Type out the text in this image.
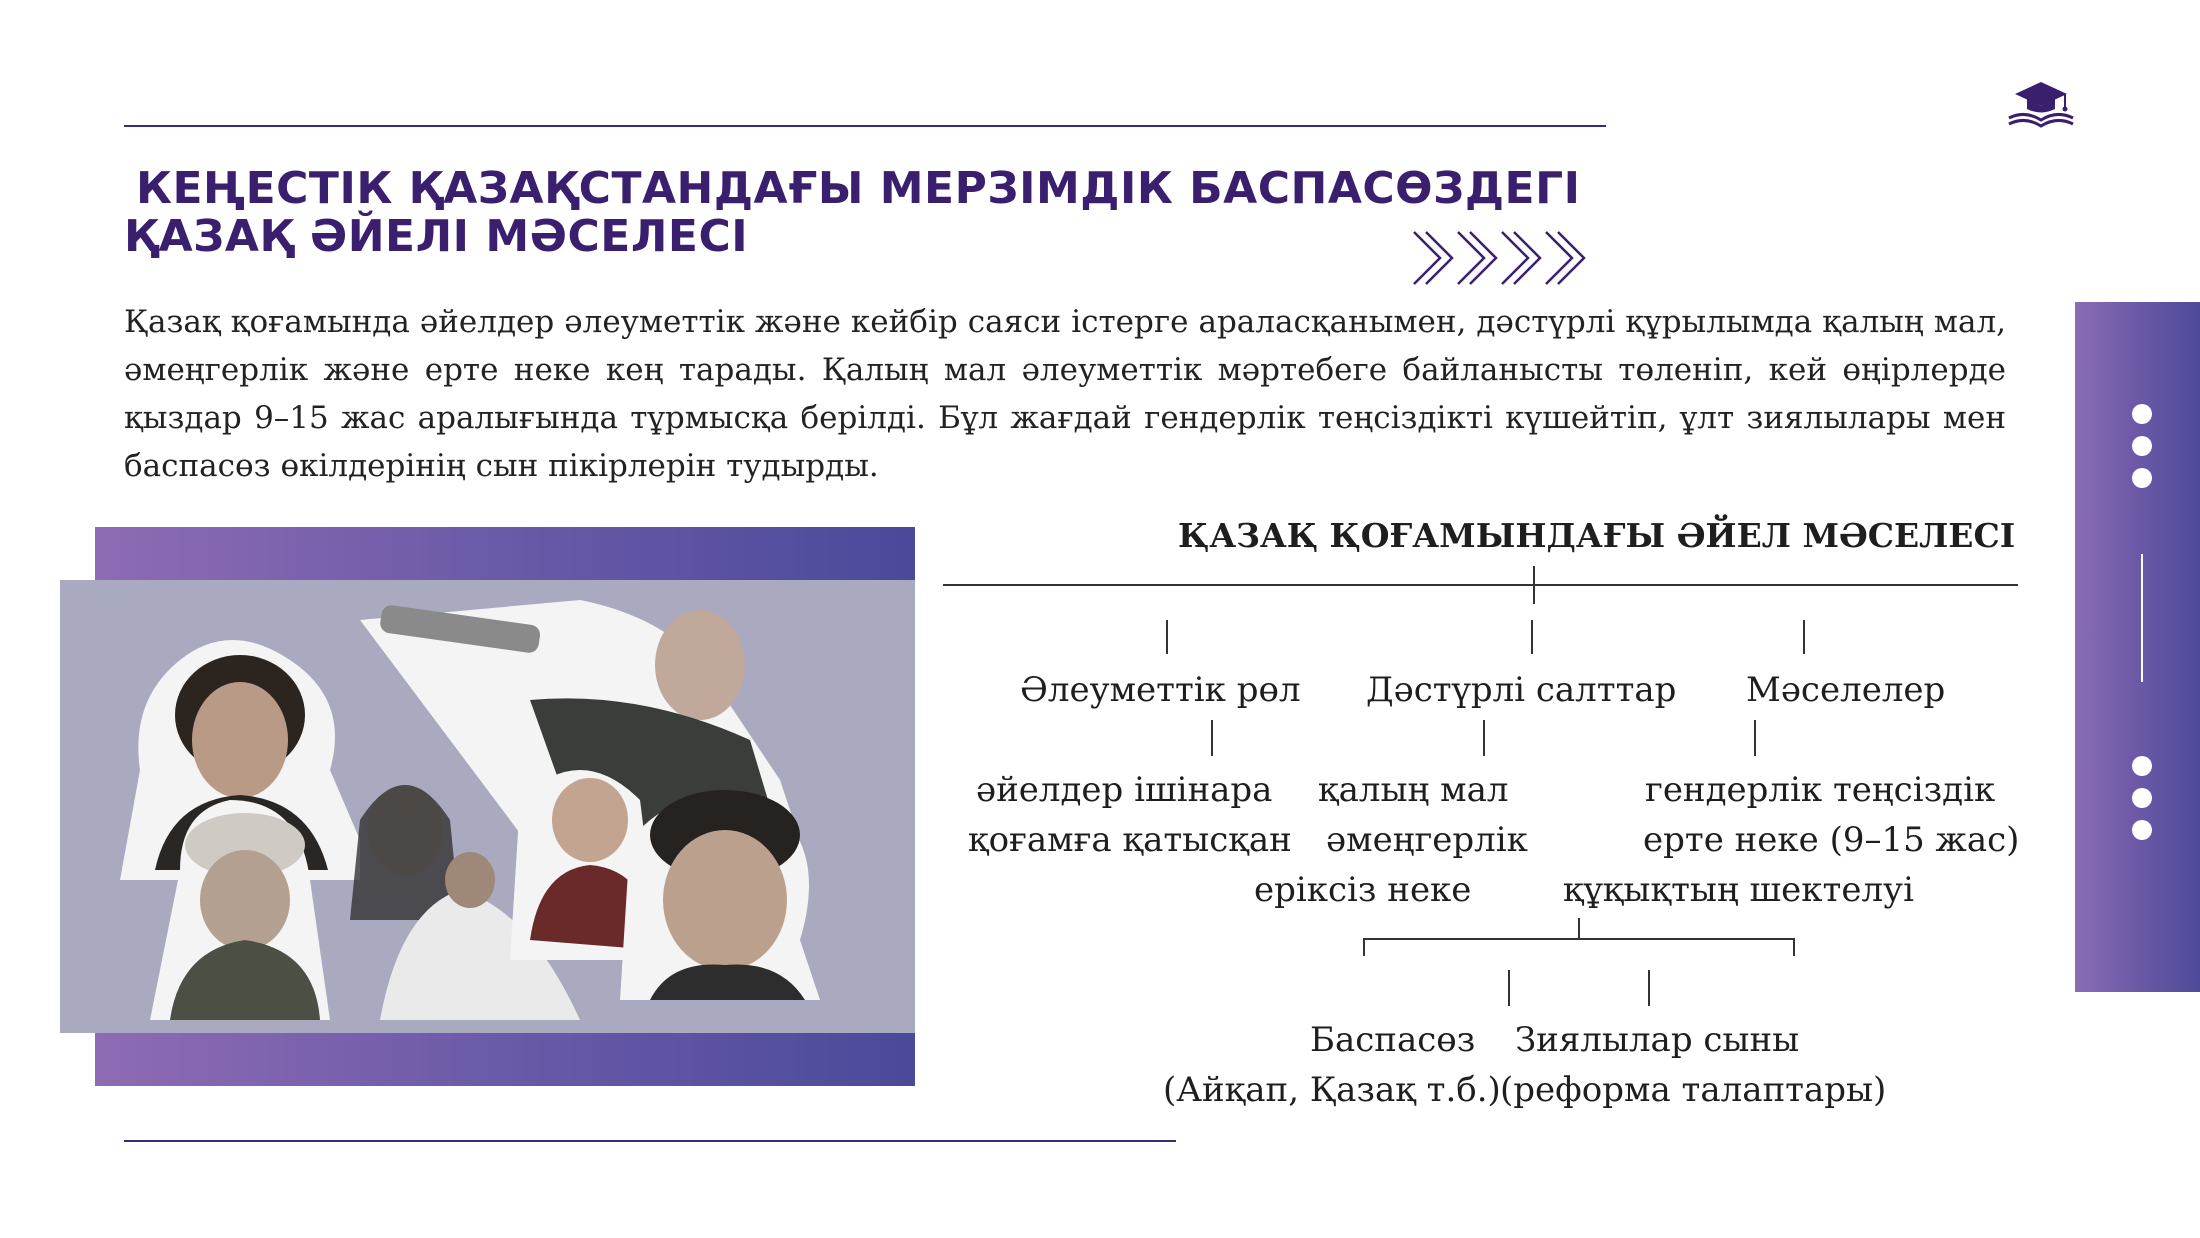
КЕҢЕСТІК ҚАЗАҚСТАНДАҒЫ МЕРЗІМДІК БАСПАСӨЗДЕГІ
ҚАЗАҚ ӘЙЕЛІ МӘСЕЛЕСІ

Қазақ қоғамында әйелдер әлеуметтік және кейбір саяси істерге араласқанымен, дәстүрлі құрылымда қалың мал, әмеңгерлік және ерте неке кең тарады. Қалың мал әлеуметтік мәртебеге байланысты төленіп, кей өңірлерде қыздар 9–15 жас аралығында тұрмысқа берілді. Бұл жағдай гендерлік теңсіздікті күшейтіп, ұлт зиялылары мен баспасөз өкілдерінің сын пікірлерін тудырды.

ҚАЗАҚ ҚОҒАМЫНДАҒЫ ӘЙЕЛ МӘСЕЛЕСІ
Әлеуметтік рөл Дәстүрлі салттар Мәселелер
әйелдер ішінара
қоғамға қатысқан
қалың мал
әмеңгерлік
еріксіз неке
гендерлік теңсіздік
ерте неке (9–15 жас)
құқықтың шектелуі
Баспасөз
(Айқап, Қазақ т.б.)
Зиялылар сыны
(реформа талаптары)
